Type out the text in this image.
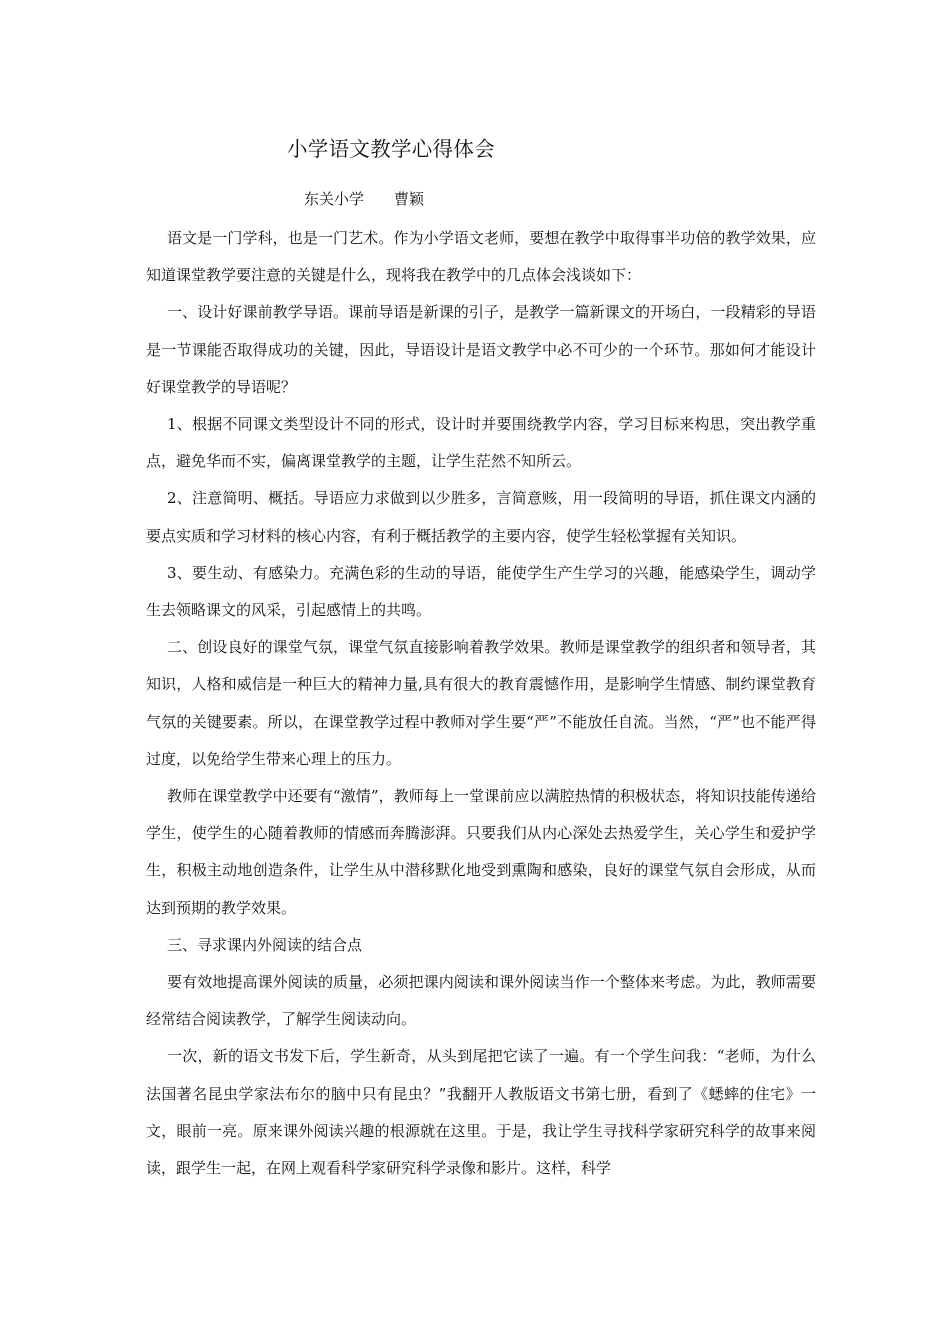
小学语文教学心得体会
东关小学 曹颖

语文是一门学科，也是一门艺术。作为小学语文老师，要想在教学中取得事半功倍的教学效果，应知道课堂教学要注意的关键是什么，现将我在教学中的几点体会浅谈如下：

一、设计好课前教学导语。课前导语是新课的引子，是教学一篇新课文的开场白，一段精彩的导语是一节课能否取得成功的关键，因此，导语设计是语文教学中必不可少的一个环节。那如何才能设计好课堂教学的导语呢？

1、根据不同课文类型设计不同的形式，设计时并要围绕教学内容，学习目标来构思，突出教学重点，避免华而不实，偏离课堂教学的主题，让学生茫然不知所云。

2、注意简明、概括。导语应力求做到以少胜多，言简意赅，用一段简明的导语，抓住课文内涵的要点实质和学习材料的核心内容，有利于概括教学的主要内容，使学生轻松掌握有关知识。

3、要生动、有感染力。充满色彩的生动的导语，能使学生产生学习的兴趣，能感染学生，调动学生去领略课文的风采，引起感情上的共鸣。

二、创设良好的课堂气氛，课堂气氛直接影响着教学效果。教师是课堂教学的组织者和领导者，其知识，人格和威信是一种巨大的精神力量,具有很大的教育震憾作用，是影响学生情感、制约课堂教育气氛的关键要素。所以，在课堂教学过程中教师对学生要“严”不能放任自流。当然，“严”也不能严得过度，以免给学生带来心理上的压力。

教师在课堂教学中还要有“激情”，教师每上一堂课前应以满腔热情的积极状态，将知识技能传递给学生，使学生的心随着教师的情感而奔腾澎湃。只要我们从内心深处去热爱学生，关心学生和爱护学生，积极主动地创造条件，让学生从中潜移默化地受到熏陶和感染，良好的课堂气氛自会形成，从而达到预期的教学效果。

三、寻求课内外阅读的结合点

要有效地提高课外阅读的质量，必须把课内阅读和课外阅读当作一个整体来考虑。为此，教师需要经常结合阅读教学，了解学生阅读动向。

一次，新的语文书发下后，学生新奇，从头到尾把它读了一遍。有一个学生问我：“老师，为什么法国著名昆虫学家法布尔的脑中只有昆虫？”我翻开人教版语文书第七册，看到了《蟋蟀的住宅》一文，眼前一亮。原来课外阅读兴趣的根源就在这里。于是，我让学生寻找科学家研究科学的故事来阅读，跟学生一起，在网上观看科学家研究科学录像和影片。这样，科学
